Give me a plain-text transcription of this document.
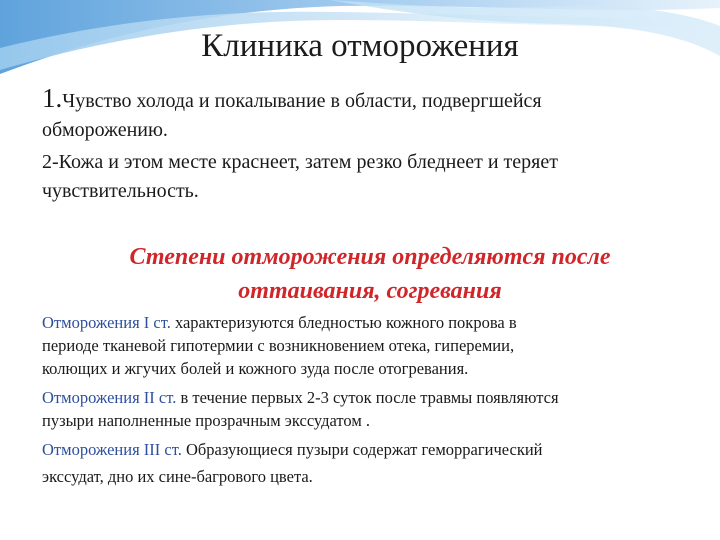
Клиника отморожения
1.Чувство холода и покалывание в области, подвергшейся
обморожению.
2-Кожа и этом месте краснеет, затем резко бледнеет и теряет
чувствительность.
Степени отморожения определяются после
оттаивания, согревания
Отморожения I ст. характеризуются бледностью кожного покрова в
периоде тканевой гипотермии с возникновением отека, гиперемии,
колющих и жгучих болей и кожного зуда после отогревания.
Отморожения II ст. в течение первых 2-3 суток после травмы появляются
пузыри наполненные прозрачным экссудатом .
Отморожения III ст. Образующиеся пузыри содержат геморрагический
экссудат, дно их сине-багрового цвета.
